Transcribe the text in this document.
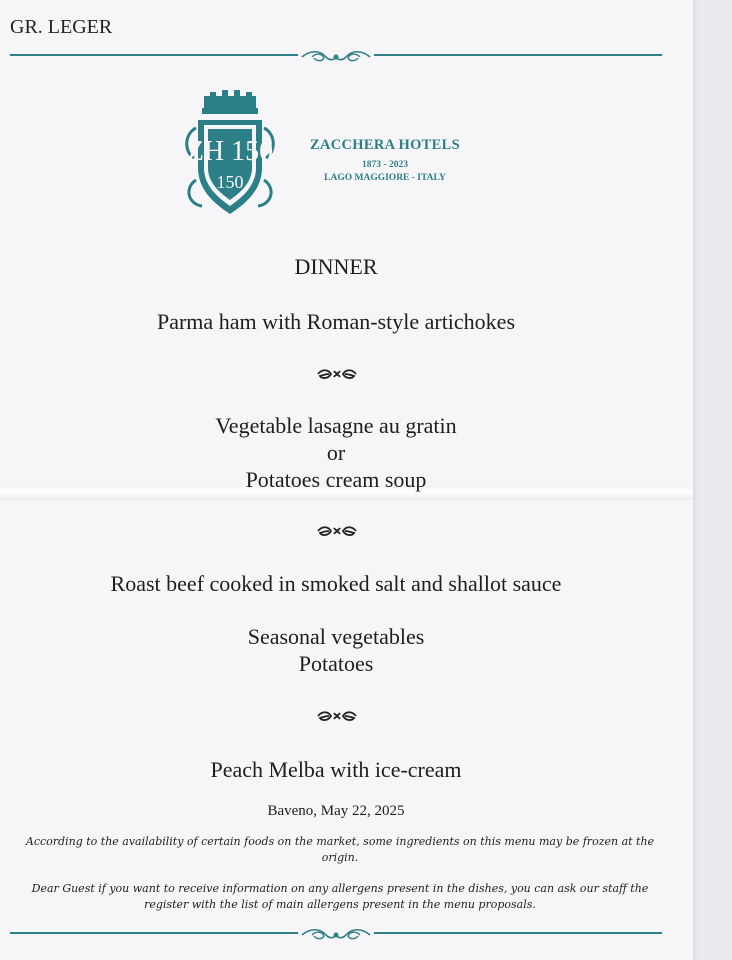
GR. LEGER
ZH 150
150
ZACCHERA HOTELS
1873 - 2023
LAGO MAGGIORE - ITALY
DINNER
Parma ham with Roman-style artichokes
Vegetable lasagne au gratin
or
Potatoes cream soup
Roast beef cooked in smoked salt and shallot sauce
Seasonal vegetables
Potatoes
Peach Melba with ice-cream
Baveno, May 22, 2025
According to the availability of certain foods on the market, some ingredients on this menu may be frozen at the origin.
Dear Guest if you want to receive information on any allergens present in the dishes, you can ask our staff the register with the list of main allergens present in the menu proposals.
